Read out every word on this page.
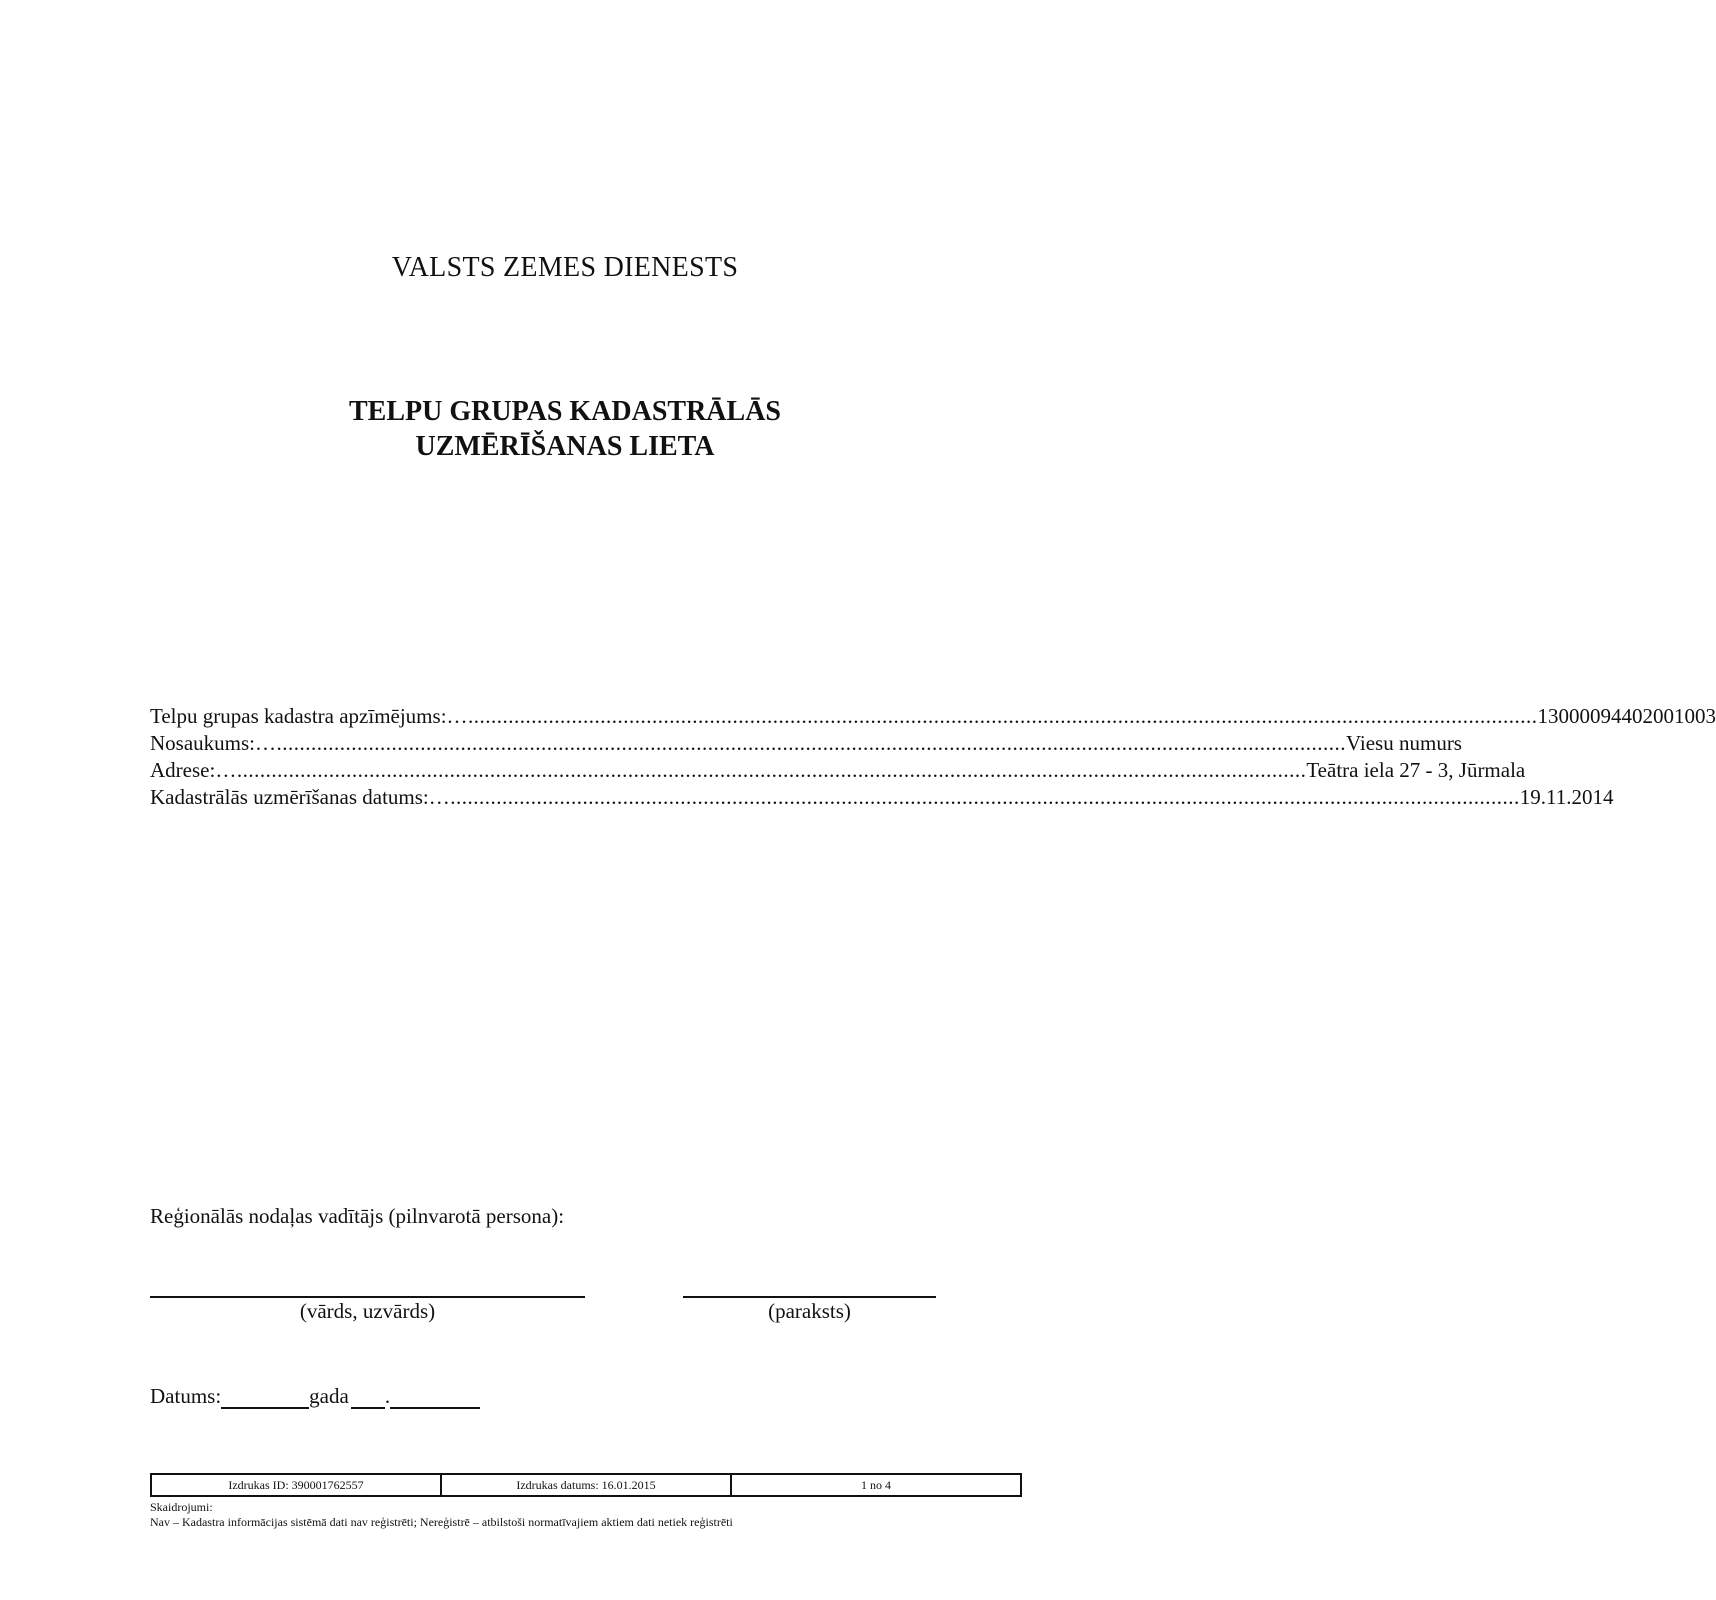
VALSTS ZEMES DIENESTS
TELPU GRUPAS KADASTRĀLĀS
UZMĒRĪŠANAS LIETA
Telpu grupas kadastra apzīmējums: ….......................................................................................................................................................................................... 13000094402001003
Nosaukums: ….......................................................................................................................................................................................... Viesu numurs
Adrese: ….......................................................................................................................................................................................... Teātra iela 27 - 3, Jūrmala
Kadastrālās uzmērīšanas datums: ….......................................................................................................................................................................................... 19.11.2014
Reģionālās nodaļas vadītājs (pilnvarotā persona):
(vārds, uzvārds)	(paraksts)
Datums:	gada .
Izdrukas ID: 390001762557	Izdrukas datums: 16.01.2015	1 no 4
Skaidrojumi:
Nav – Kadastra informācijas sistēmā dati nav reģistrēti; Nereģistrē – atbilstoši normatīvajiem aktiem dati netiek reģistrēti
